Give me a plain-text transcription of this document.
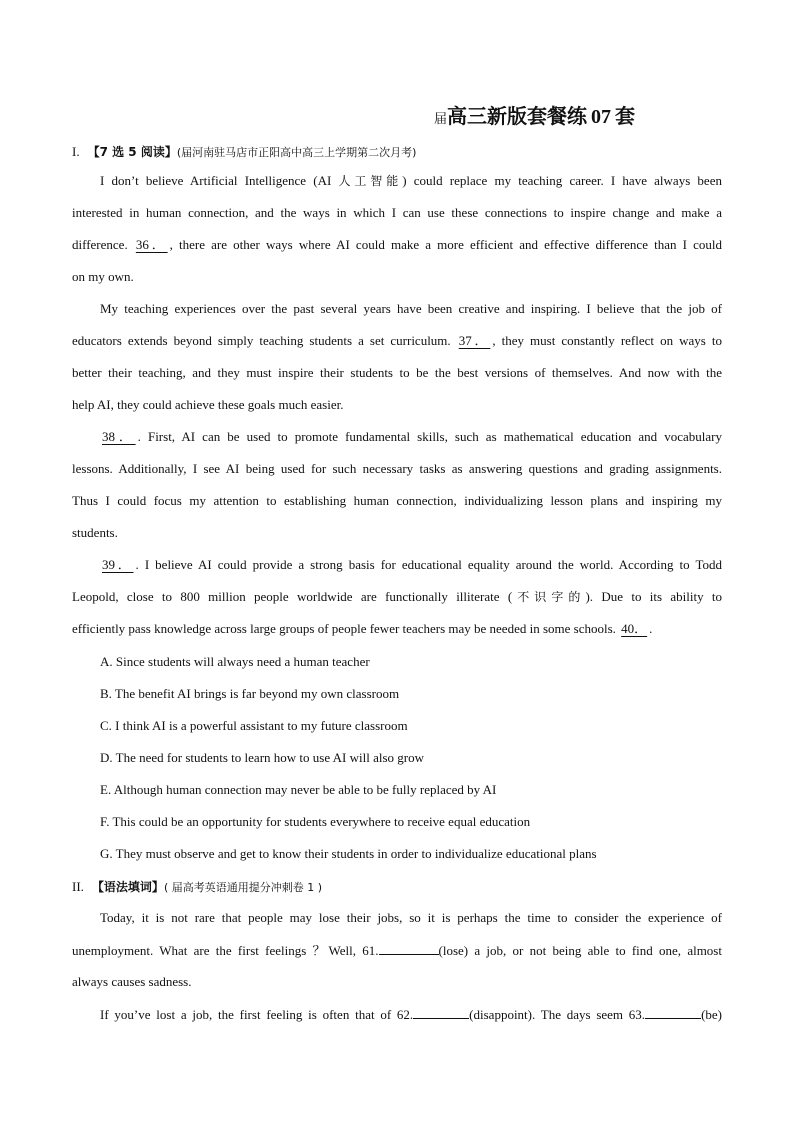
届高三新版套餐练 07 套
I. 【7 选 5 阅读】(届河南驻马店市正阳高中高三上学期第二次月考)
I don’t believe Artificial Intelligence (AI 人工智能) could replace my teaching career. I have always been
interested in human connection, and the ways in which I can use these connections to inspire change and make a
difference. 36． , there are other ways where AI could make a more efficient and effective difference than I could
on my own.
My teaching experiences over the past several years have been creative and inspiring. I believe that the job of
educators extends beyond simply teaching students a set curriculum. 37． , they must constantly reflect on ways to
better their teaching, and they must inspire their students to be the best versions of themselves. And now with the
help AI, they could achieve these goals much easier.
38． . First, AI can be used to promote fundamental skills, such as mathematical education and vocabulary
lessons. Additionally, I see AI being used for such necessary tasks as answering questions and grading assignments.
Thus I could focus my attention to establishing human connection, individualizing lesson plans and inspiring my
students.
39． . I believe AI could provide a strong basis for educational equality around the world. According to Todd
Leopold, close to 800 million people worldwide are functionally illiterate (不识字的). Due to its ability to
efficiently pass knowledge across large groups of people fewer teachers may be needed in some schools. 40． .
A. Since students will always need a human teacher
B. The benefit AI brings is far beyond my own classroom
C. I think AI is a powerful assistant to my future classroom
D. The need for students to learn how to use AI will also grow
E. Although human connection may never be able to be fully replaced by AI
F. This could be an opportunity for students everywhere to receive equal education
G. They must observe and get to know their students in order to individualize educational plans
II. 【语法填词】( 届高考英语通用提分冲刺卷 1 )
Today, it is not rare that people may lose their jobs, so it is perhaps the time to consider the experience of
unemployment. What are the first feelings ？Well, 61.	(lose) a job, or not being able to find one, almost
always causes sadness.
If you’ve lost a job, the first feeling is often that of 62.	(disappoint). The days seem 63.	(be)
